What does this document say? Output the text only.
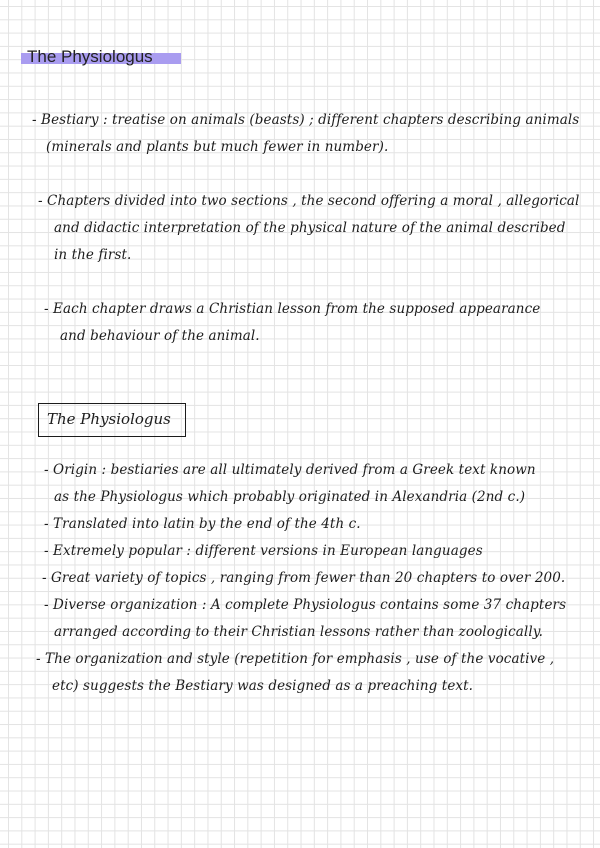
The Physiologus
- Bestiary : treatise on animals (beasts) ; different chapters describing animals
(minerals and plants but much fewer in number).
- Chapters divided into two sections , the second offering a moral , allegorical
and didactic interpretation of the physical nature of the animal described
in the first.
- Each chapter draws a Christian lesson from the supposed appearance
and behaviour of the animal.
The Physiologus
- Origin : bestiaries are all ultimately derived from a Greek text known
as the Physiologus which probably originated in Alexandria (2nd c.)
- Translated into latin by the end of the 4th c.
- Extremely popular : different versions in European languages
- Great variety of topics , ranging from fewer than 20 chapters to over 200.
- Diverse organization : A complete Physiologus contains some 37 chapters
arranged according to their Christian lessons rather than zoologically.
- The organization and style (repetition for emphasis , use of the vocative ,
etc) suggests the Bestiary was designed as a preaching text.
